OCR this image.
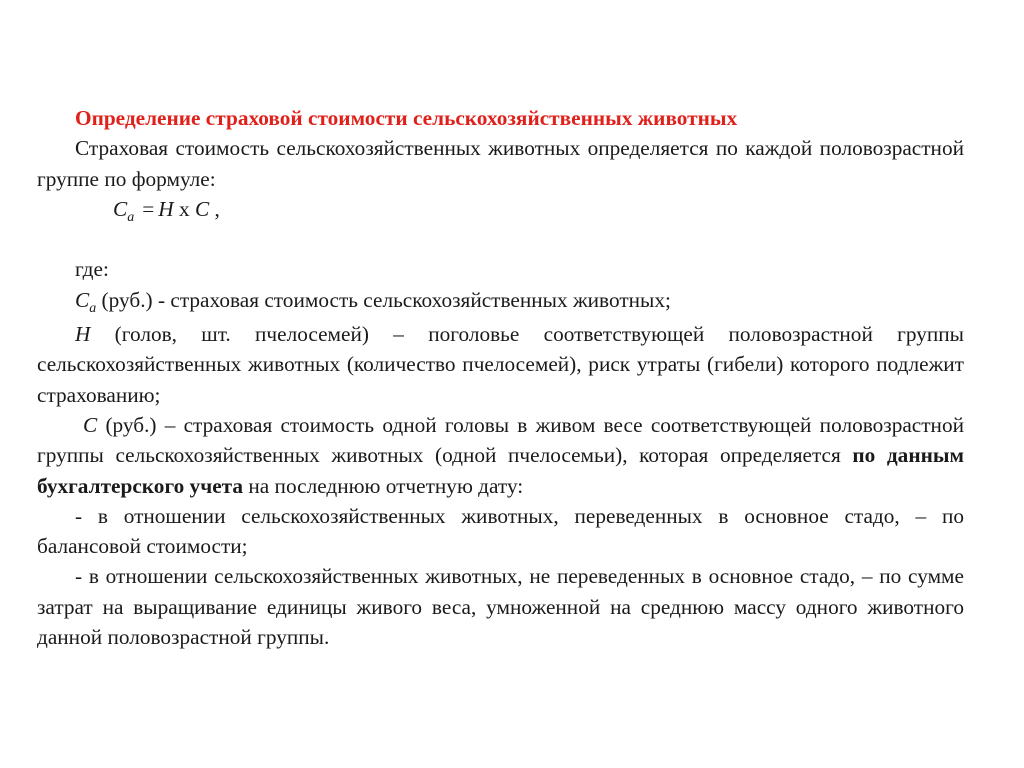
Определение страховой стоимости сельскохозяйственных животных

Страховая стоимость сельскохозяйственных животных определяется по каждой половозрастной группе по формуле:

$C_a = H$ x C ,

где:

$C_a$ (руб.) - страховая стоимость сельскохозяйственных животных;

H (голов, шт. пчелосемей) – поголовье соответствующей половозрастной группы сельскохозяйственных животных (количество пчелосемей), риск утраты (гибели) которого подлежит страхованию;

C (руб.) – страховая стоимость одной головы в живом весе соответствующей половозрастной группы сельскохозяйственных животных (одной пчелосемьи), которая определяется по данным бухгалтерского учета на последнюю отчетную дату:

- в отношении сельскохозяйственных животных, переведенных в основное стадо, – по балансовой стоимости;

- в отношении сельскохозяйственных животных, не переведенных в основное стадо, – по сумме затрат на выращивание единицы живого веса, умноженной на среднюю массу одного животного данной половозрастной группы.
